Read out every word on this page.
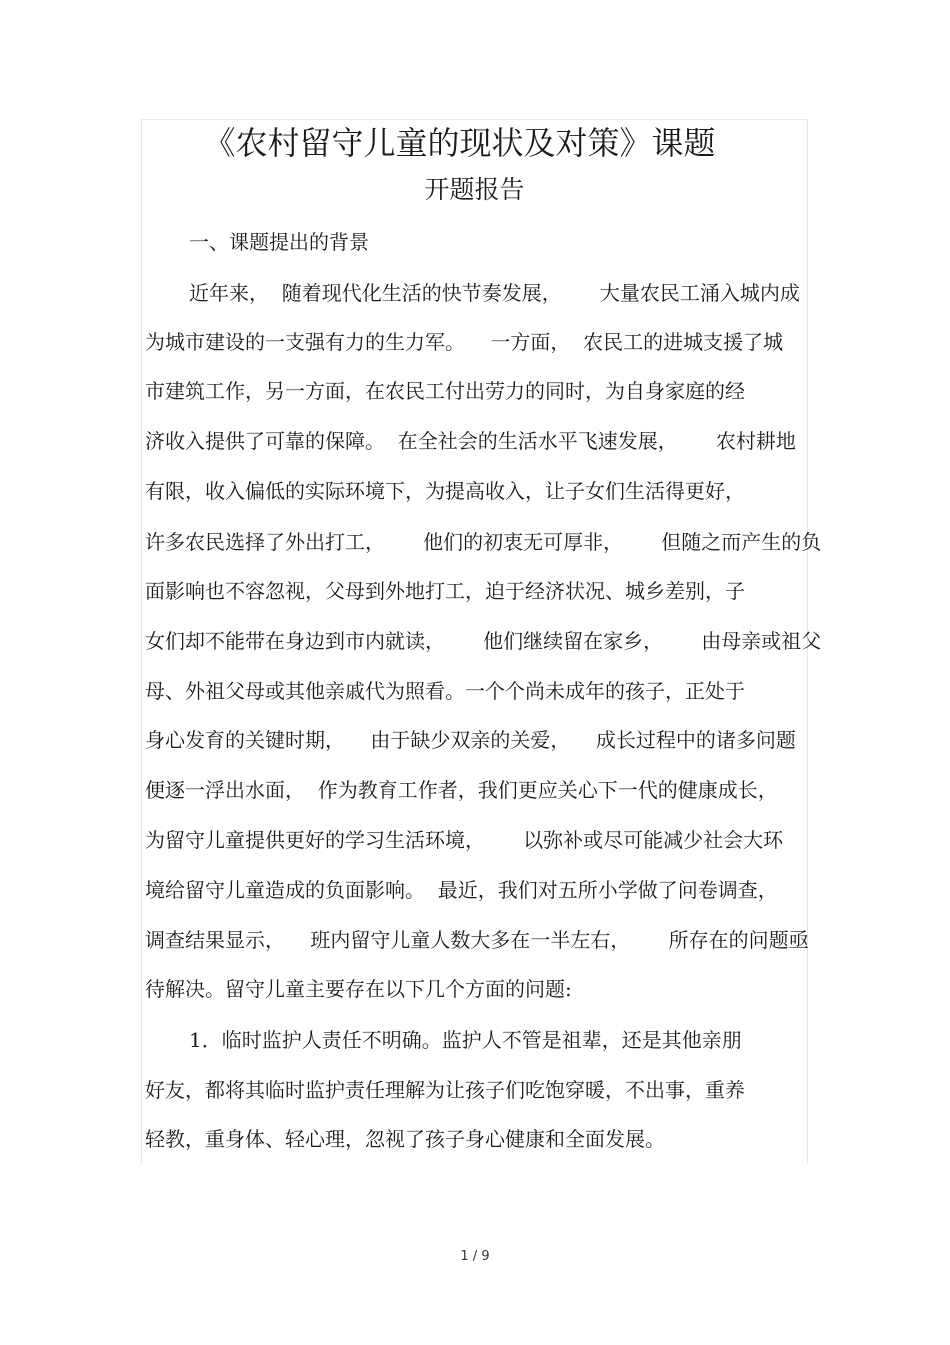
《农村留守儿童的现状及对策》课题
开题报告
一、课题提出的背景
近年来，  随着现代化生活的快节奏发展，      大量农民工涌入城内成
为城市建设的一支强有力的生力军。    一方面，  农民工的进城支援了城
市建筑工作，另一方面，在农民工付出劳力的同时，为自身家庭的经
济收入提供了可靠的保障。  在全社会的生活水平飞速发展，      农村耕地
有限，收入偏低的实际环境下，为提高收入，让子女们生活得更好，
许多农民选择了外出打工，      他们的初衷无可厚非，      但随之而产生的负
面影响也不容忽视，父母到外地打工，迫于经济状况、城乡差别，子
女们却不能带在身边到市内就读，      他们继续留在家乡，      由母亲或祖父
母、外祖父母或其他亲戚代为照看。一个个尚未成年的孩子，正处于
身心发育的关键时期，    由于缺少双亲的关爱，    成长过程中的诸多问题
便逐一浮出水面，  作为教育工作者，我们更应关心下一代的健康成长，
为留守儿童提供更好的学习生活环境，      以弥补或尽可能减少社会大环
境给留守儿童造成的负面影响。  最近，我们对五所小学做了问卷调查，
调查结果显示，    班内留守儿童人数大多在一半左右，      所存在的问题亟
待解决。留守儿童主要存在以下几个方面的问题:
1．临时监护人责任不明确。监护人不管是祖辈，还是其他亲朋
好友，都将其临时监护责任理解为让孩子们吃饱穿暖，不出事，重养
轻教，重身体、轻心理，忽视了孩子身心健康和全面发展。
1 / 9
